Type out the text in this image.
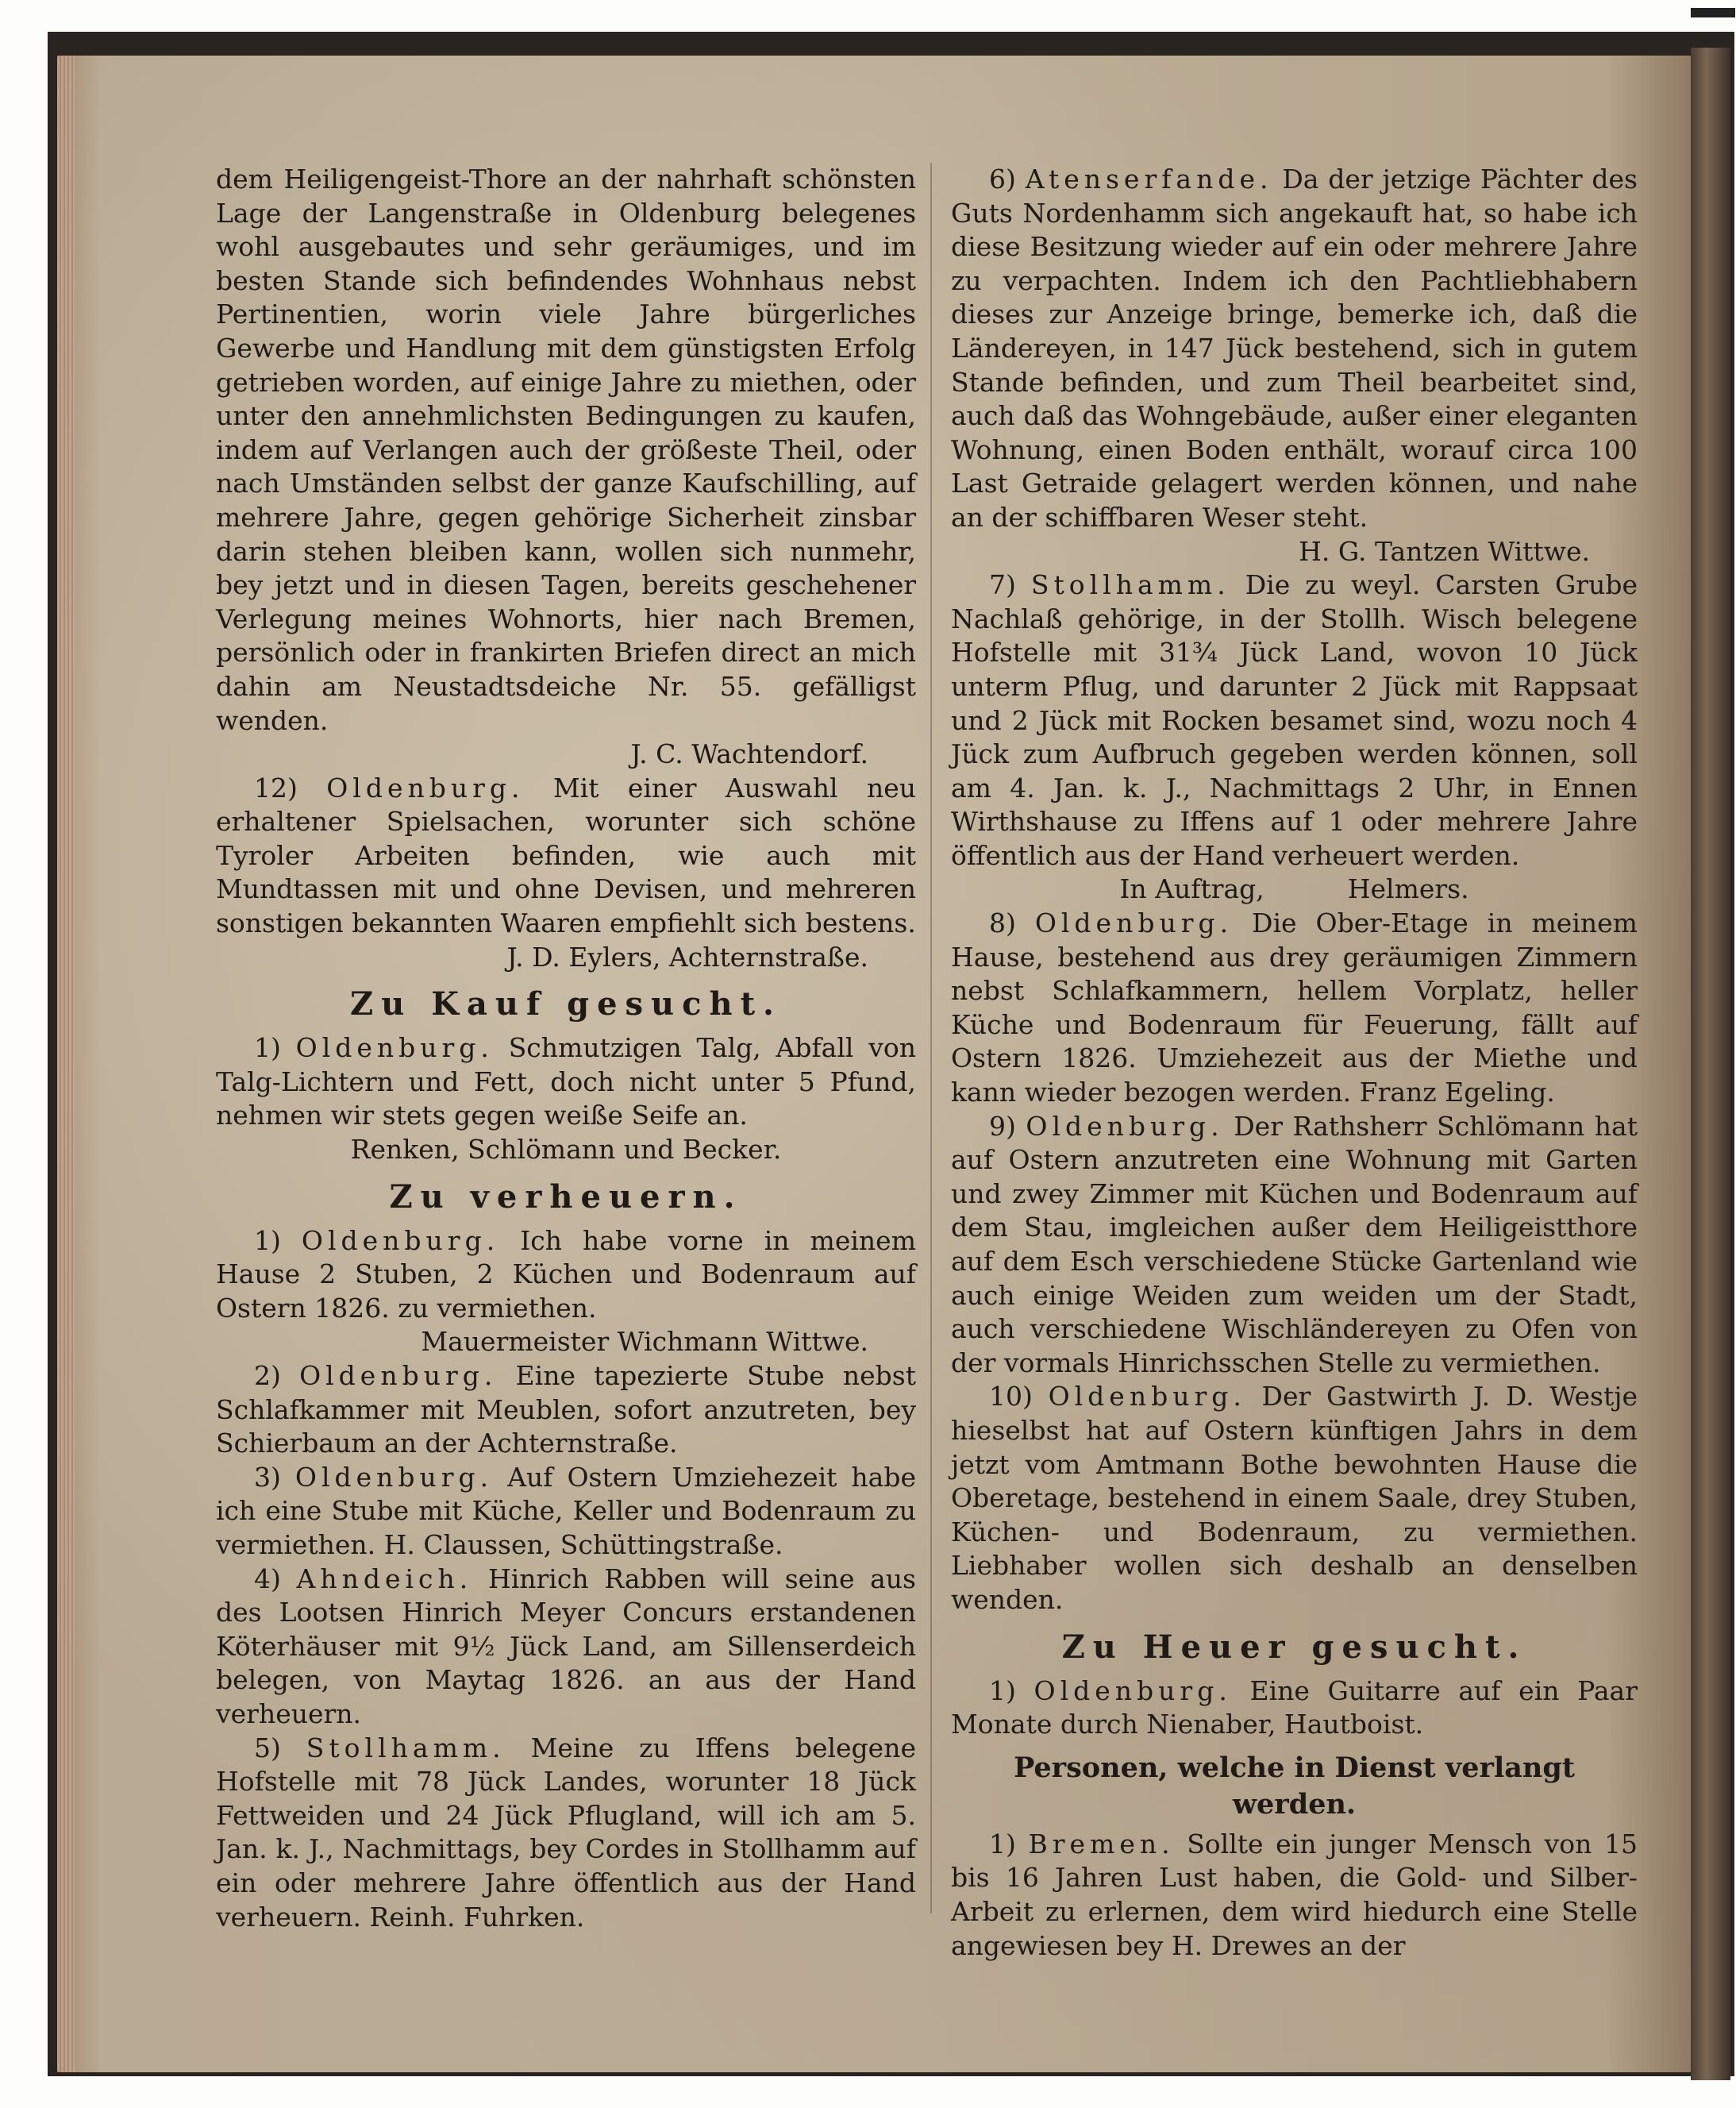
dem Heiligengeist-Thore an der nahrhaft schönsten Lage der Langenstraße in Oldenburg belegenes wohl ausgebautes und sehr geräumiges, und im besten Stande sich befindendes Wohnhaus nebst Pertinentien, worin viele Jahre bürgerliches Gewerbe und Handlung mit dem günstigsten Erfolg getrieben worden, auf einige Jahre zu miethen, oder unter den annehmlichsten Bedingungen zu kaufen, indem auf Verlangen auch der größeste Theil, oder nach Umständen selbst der ganze Kaufschilling, auf mehrere Jahre, gegen gehörige Sicherheit zinsbar darin stehen bleiben kann, wollen sich nunmehr, bey jetzt und in diesen Tagen, bereits geschehener Verlegung meines Wohnorts, hier nach Bremen, persönlich oder in frankirten Briefen direct an mich dahin am Neustadtsdeiche Nr. 55. gefälligst wenden.

J. C. Wachtendorf.

12) Oldenburg. Mit einer Auswahl neu erhaltener Spielsachen, worunter sich schöne Tyroler Arbeiten befinden, wie auch mit Mundtassen mit und ohne Devisen, und mehreren sonstigen bekannten Waaren empfiehlt sich bestens.

J. D. Eylers, Achternstraße.

Zu Kauf gesucht.

1) Oldenburg. Schmutzigen Talg, Abfall von Talg-Lichtern und Fett, doch nicht unter 5 Pfund, nehmen wir stets gegen weiße Seife an.

Renken, Schlömann und Becker.

Zu verheuern.

1) Oldenburg. Ich habe vorne in meinem Hause 2 Stuben, 2 Küchen und Bodenraum auf Ostern 1826. zu vermiethen.

Mauermeister Wichmann Wittwe.

2) Oldenburg. Eine tapezierte Stube nebst Schlafkammer mit Meublen, sofort anzutreten, bey Schierbaum an der Achternstraße.

3) Oldenburg. Auf Ostern Umziehezeit habe ich eine Stube mit Küche, Keller und Bodenraum zu vermiethen. H. Claussen, Schüttingstraße.

4) Ahndeich. Hinrich Rabben will seine aus des Lootsen Hinrich Meyer Concurs erstandenen Köterhäuser mit 9½ Jück Land, am Sillenserdeich belegen, von Maytag 1826. an aus der Hand verheuern.

5) Stollhamm. Meine zu Iffens belegene Hofstelle mit 78 Jück Landes, worunter 18 Jück Fettweiden und 24 Jück Pflugland, will ich am 5. Jan. k. J., Nachmittags, bey Cordes in Stollhamm auf ein oder mehrere Jahre öffentlich aus der Hand verheuern. Reinh. Fuhrken.

6) Atenserfande. Da der jetzige Pächter des Guts Nordenhamm sich angekauft hat, so habe ich diese Besitzung wieder auf ein oder mehrere Jahre zu verpachten. Indem ich den Pachtliebhabern dieses zur Anzeige bringe, bemerke ich, daß die Ländereyen, in 147 Jück bestehend, sich in gutem Stande befinden, und zum Theil bearbeitet sind, auch daß das Wohngebäude, außer einer eleganten Wohnung, einen Boden enthält, worauf circa 100 Last Getraide gelagert werden können, und nahe an der schiffbaren Weser steht.

H. G. Tantzen Wittwe.

7) Stollhamm. Die zu weyl. Carsten Grube Nachlaß gehörige, in der Stollh. Wisch belegene Hofstelle mit 31¾ Jück Land, wovon 10 Jück unterm Pflug, und darunter 2 Jück mit Rappsaat und 2 Jück mit Rocken besamet sind, wozu noch 4 Jück zum Aufbruch gegeben werden können, soll am 4. Jan. k. J., Nachmittags 2 Uhr, in Ennen Wirthshause zu Iffens auf 1 oder mehrere Jahre öffentlich aus der Hand verheuert werden.

In Auftrag,	Helmers.

8) Oldenburg. Die Ober-Etage in meinem Hause, bestehend aus drey geräumigen Zimmern nebst Schlafkammern, hellem Vorplatz, heller Küche und Bodenraum für Feuerung, fällt auf Ostern 1826. Umziehezeit aus der Miethe und kann wieder bezogen werden. Franz Egeling.

9) Oldenburg. Der Rathsherr Schlömann hat auf Ostern anzutreten eine Wohnung mit Garten und zwey Zimmer mit Küchen und Bodenraum auf dem Stau, imgleichen außer dem Heiligeistthore auf dem Esch verschiedene Stücke Gartenland wie auch einige Weiden zum weiden um der Stadt, auch verschiedene Wischländereyen zu Ofen von der vormals Hinrichsschen Stelle zu vermiethen.

10) Oldenburg. Der Gastwirth J. D. Westje hieselbst hat auf Ostern künftigen Jahrs in dem jetzt vom Amtmann Bothe bewohnten Hause die Oberetage, bestehend in einem Saale, drey Stuben, Küchen- und Bodenraum, zu vermiethen. Liebhaber wollen sich deshalb an denselben wenden.

Zu Heuer gesucht.

1) Oldenburg. Eine Guitarre auf ein Paar Monate durch Nienaber, Hautboist.

Personen, welche in Dienst verlangt werden.

1) Bremen. Sollte ein junger Mensch von 15 bis 16 Jahren Lust haben, die Gold- und Silber-Arbeit zu erlernen, dem wird hiedurch eine Stelle angewiesen bey H. Drewes an der
